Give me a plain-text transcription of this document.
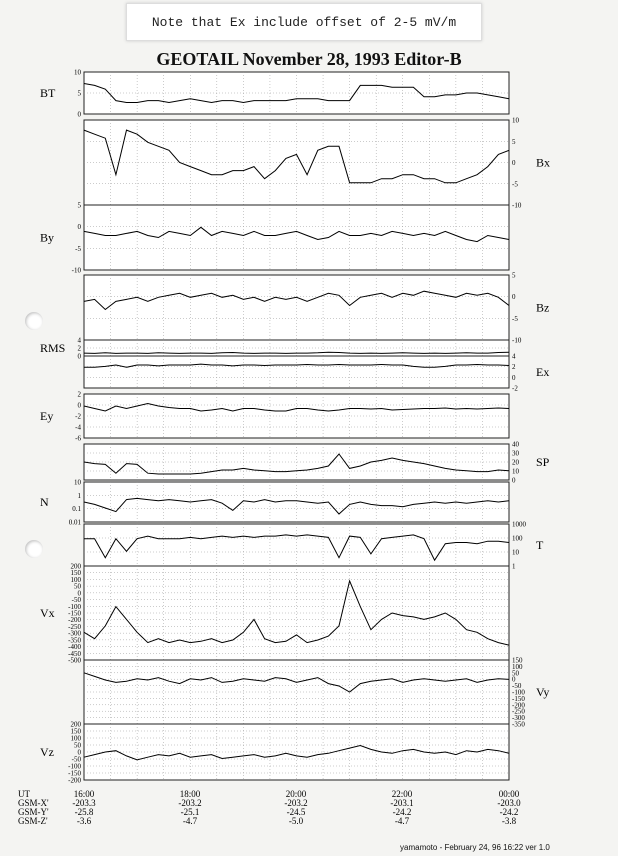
Note that Ex include offset of 2-5 mV/m
GEOTAIL November 28, 1993 Editor-B
10
5
0
BT
10
5
0
-5
-10
Bx
5
0
-5
-10
By
5
0
-5
-10
Bz
4
2
0
RMS
4
2
0
-2
Ex
2
0
-2
-4
-6
Ey
40
30
20
10
0
SP
10
1
0.1
0.01
N
1000
100
10
1
T
200
150
100
50
0
-50
-100
-150
-200
-250
-300
-350
-400
-450
-500
Vx
150
100
50
0
-50
-100
-150
-200
-250
-300
-350
Vy
200
150
100
50
0
-50
-100
-150
-200
Vz
UT	16:00	18:00	20:00	22:00	00:00
GSM-X'	-203.3	-203.2	-203.2	-203.1	-203.0
GSM-Y'	-25.8	-25.1	-24.5	-24.2	-24.2
GSM-Z'	-3.6	-4.7	-5.0	-4.7	-3.8
yamamoto - February 24, 96 16:22 ver 1.0
